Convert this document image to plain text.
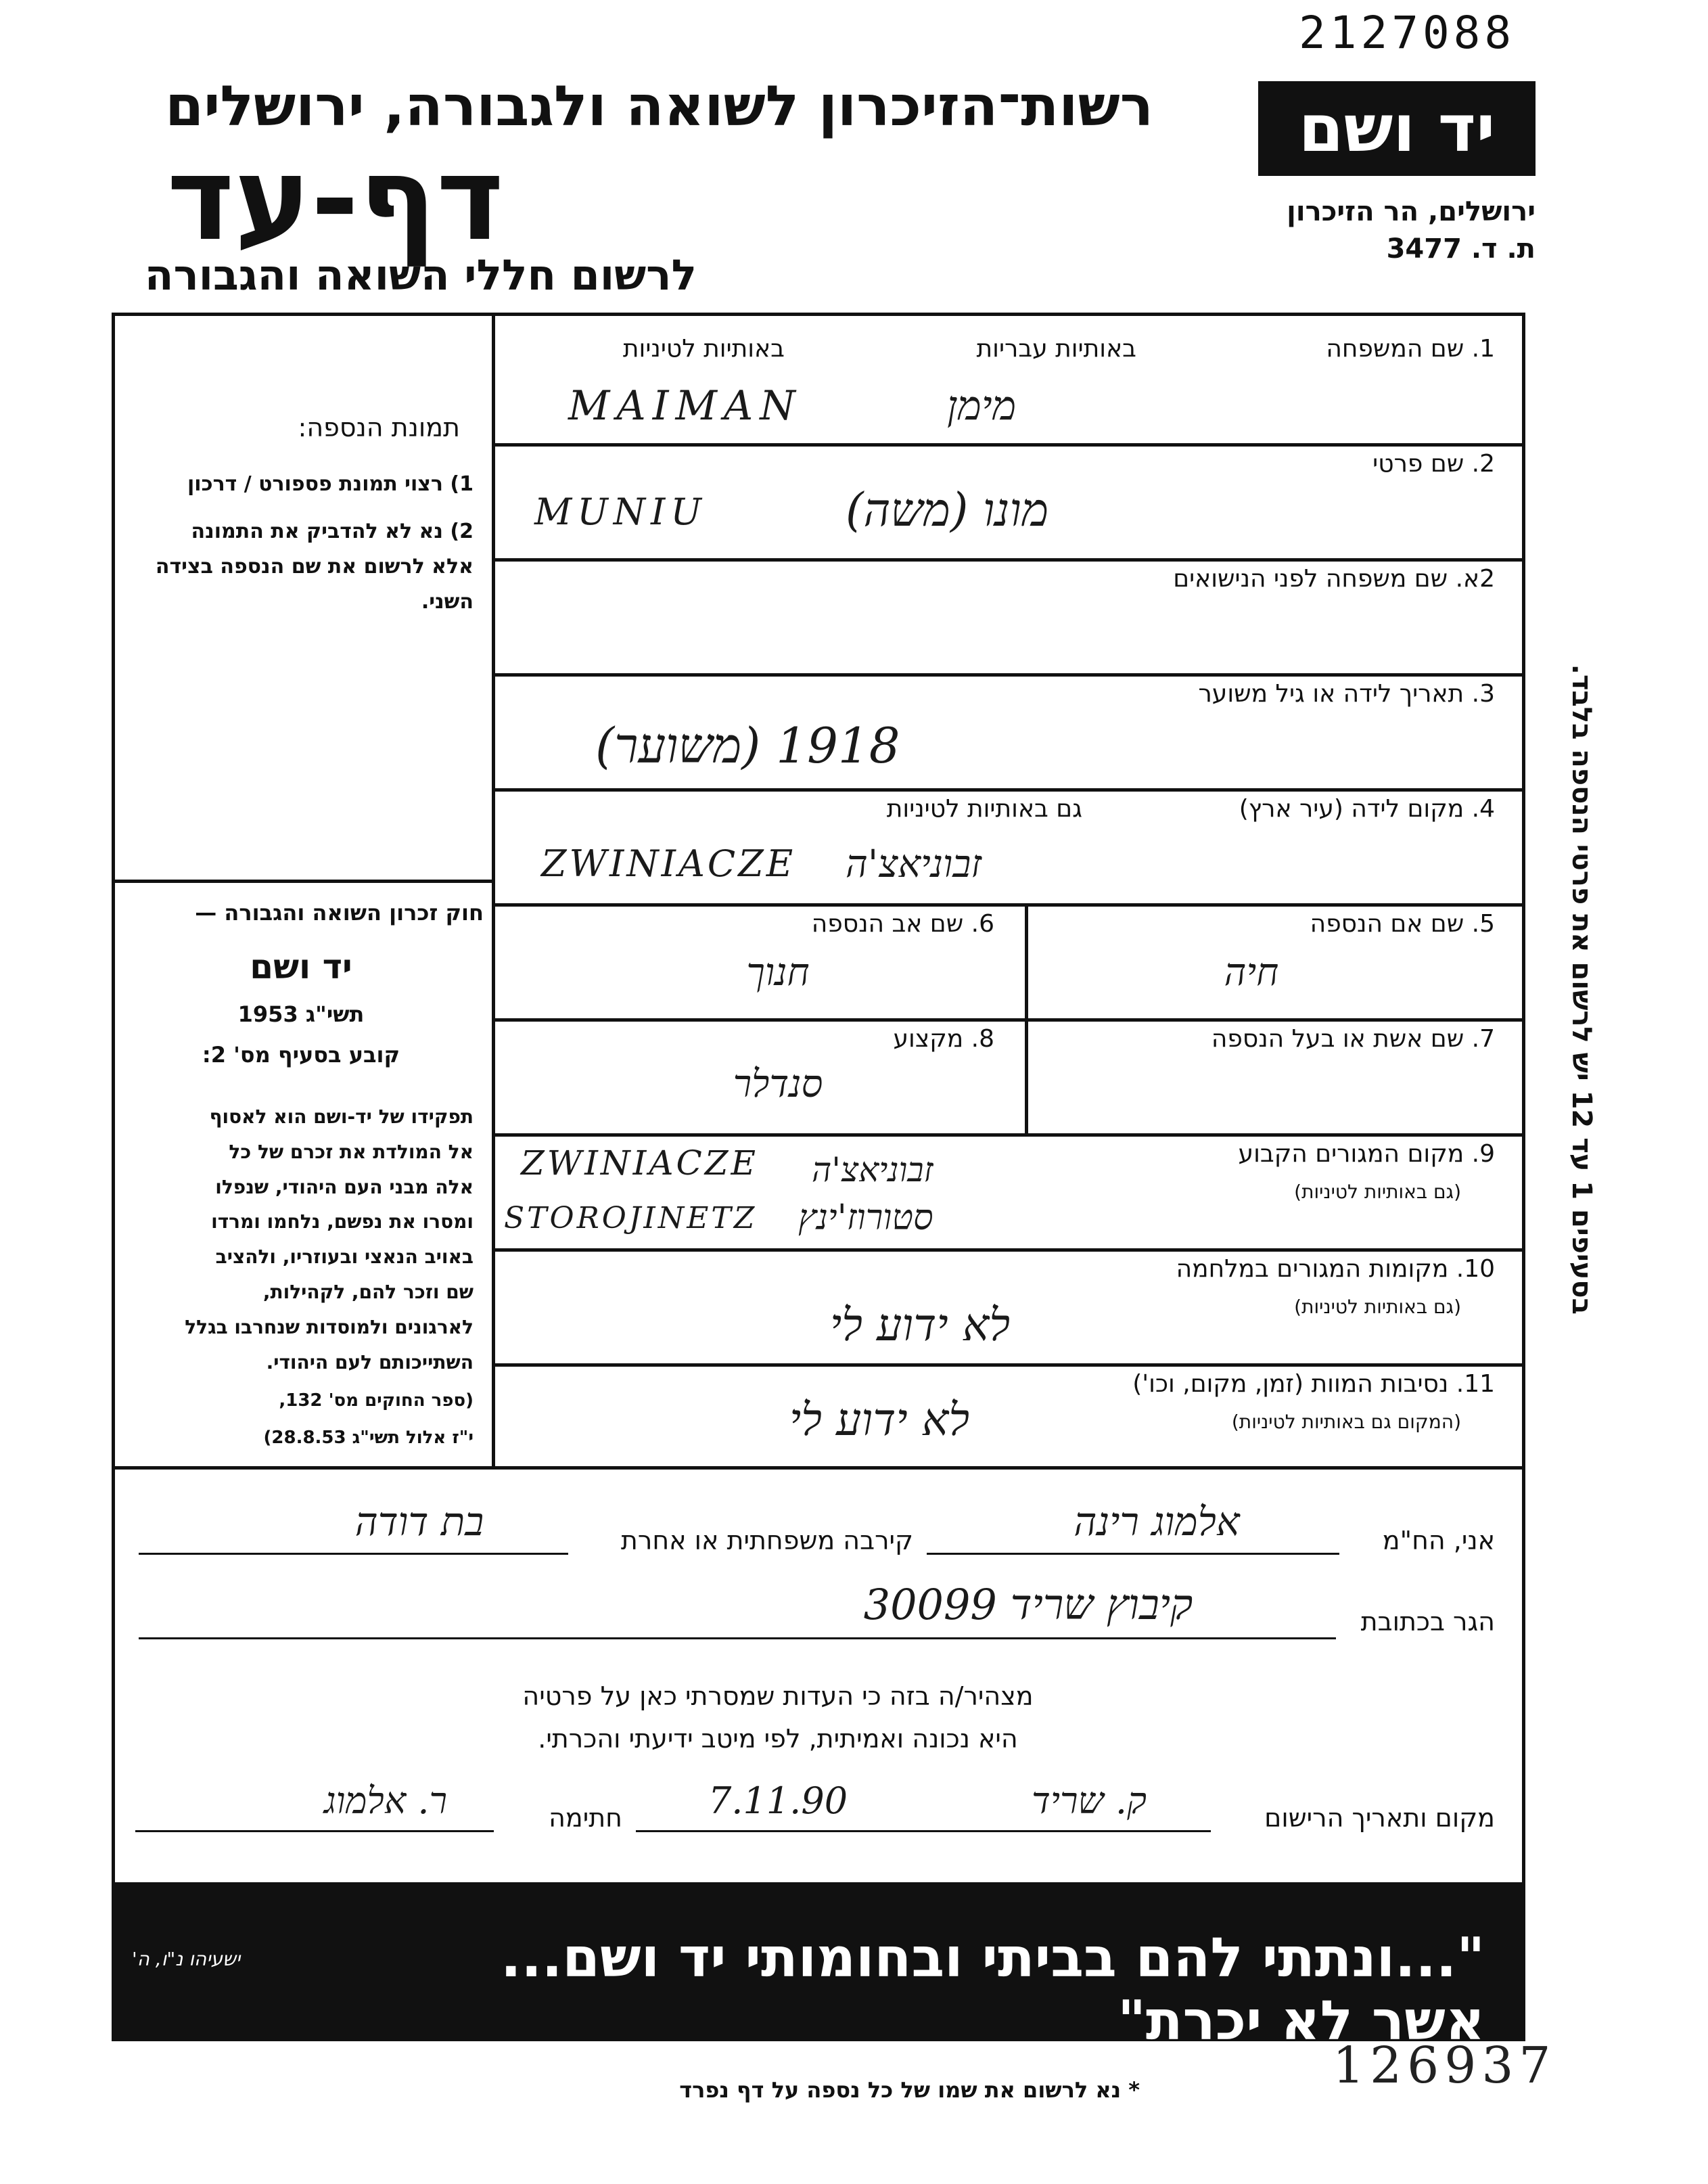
2127088
רשות־הזיכרון לשואה ולגבורה, ירושלים
דף-עד
לרשום חללי השואה והגבורה
יד ושם
ירושלים, הר הזיכרון
ת. ד. 3477
תמונת הנספה:
1) רצוי תמונת פספורט / דרכון
2) נא לא להדביק את התמונה
אלא לרשום את שם הנספה בצידה
השני.
חוק זכרון השואה והגבורה —
יד ושם
תשי"ג 1953
קובע בסעיף מס' 2:
תפקידו של יד-ושם הוא לאסוף
אל המולדת את זכרם של כל
אלה מבני העם היהודי, שנפלו
ומסרו את נפשם, נלחמו ומרדו
באויב הנאצי ובעוזריו, ולהציב
שם וזכר להם, לקהילות,
לארגונים ולמוסדות שנחרבו בגלל
השתייכותם לעם היהודי.
(ספר החוקים מס' 132,
י"ז אלול תשי"ג 28.8.53)
1. שם המשפחה
באותיות עבריות
באותיות לטיניות
מימן
MAIMAN
2. שם פרטי
מונו (משה)
MUNIU
2א. שם משפחה לפני הנישואים
3. תאריך לידה או גיל משוער
1918 (משוער)
4. מקום לידה (עיר ארץ)
גם באותיות לטיניות
זבוניאצ'ה
ZWINIACZE
5. שם אם הנספה
חיה
6. שם אב הנספה
חנוך
7. שם אשת או בעל הנספה
8. מקצוע
סנדלר
9. מקום המגורים הקבוע
(גם באותיות לטיניות)
ZWINIACZE	זבוניאצ'ה
STOROJINETZ	סטורוז'ינץ
10. מקומות המגורים במלחמה
(גם באותיות לטיניות)
לא ידוע לי
11. נסיבות המוות (זמן, מקום, וכו')
(המקום גם באותיות לטיניות)
לא ידוע לי
אני, הח"מ
אלמוג רינה
קירבה משפחתית או אחרת
בת דודה
הגר בכתובת
קיבוץ שריד 30099
מצהיר/ה בזה כי העדות שמסרתי כאן על פרטיה
היא נכונה ואמיתית, לפי מיטב ידיעתי והכרתי.
מקום ותאריך הרישום
ק. שריד
7.11.90
חתימה
ר. אלמוג
"...ונתתי להם בביתי ובחומותי יד ושם... אשר לא יכרת"
ישעיהו נ"ו, ה'
126937
* נא לרשום את שמו של כל נספה על דף נפרד
בסעיפים 1 עד 12 יש לרשום את פרטי הנספה בלבד.
